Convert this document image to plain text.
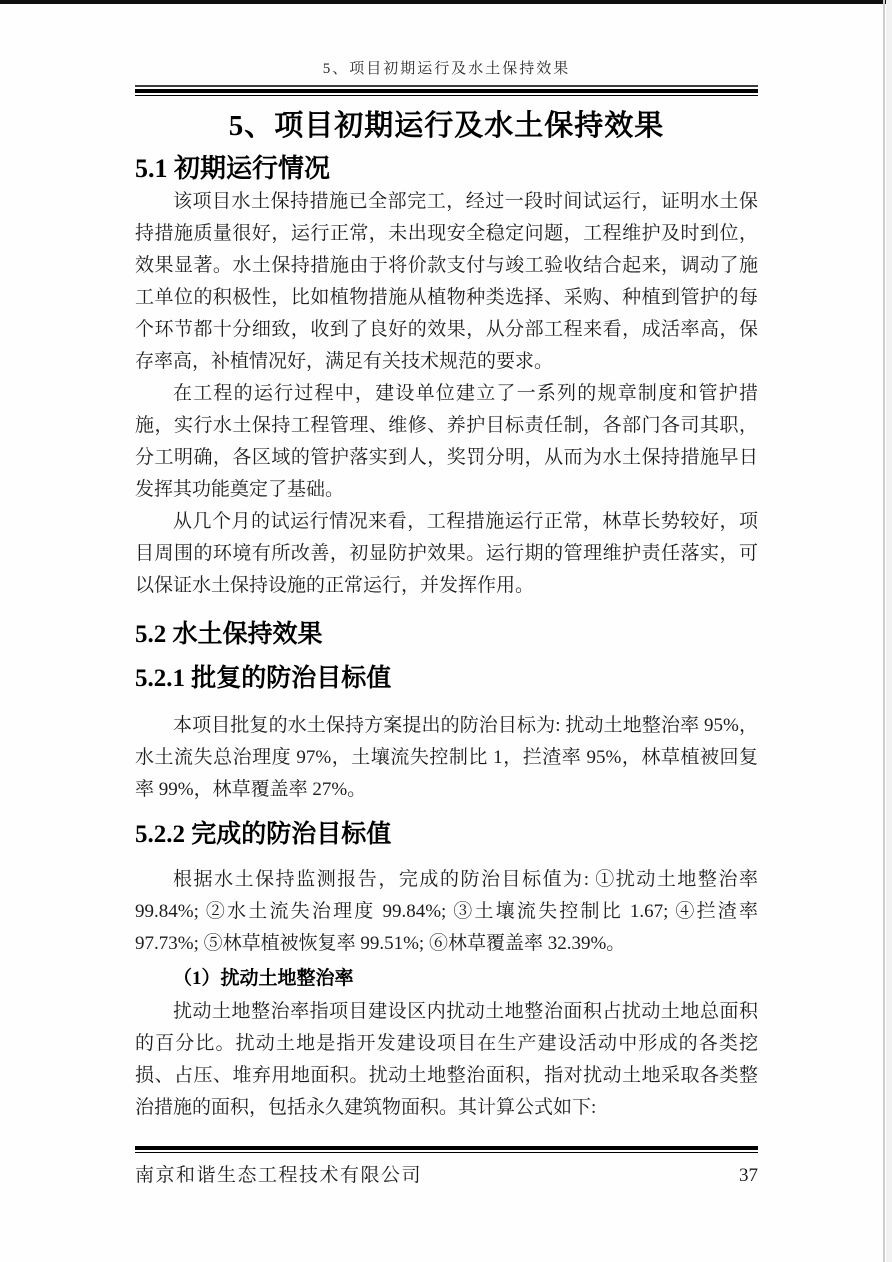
5、项目初期运行及水土保持效果
5、项目初期运行及水土保持效果
5.1 初期运行情况

该项目水土保持措施已全部完工，经过一段时间试运行，证明水土保持措施质量很好，运行正常，未出现安全稳定问题，工程维护及时到位，效果显著。水土保持措施由于将价款支付与竣工验收结合起来，调动了施工单位的积极性，比如植物措施从植物种类选择、采购、种植到管护的每个环节都十分细致，收到了良好的效果，从分部工程来看，成活率高，保存率高，补植情况好，满足有关技术规范的要求。

在工程的运行过程中，建设单位建立了一系列的规章制度和管护措施，实行水土保持工程管理、维修、养护目标责任制，各部门各司其职，分工明确，各区域的管护落实到人，奖罚分明，从而为水土保持措施早日发挥其功能奠定了基础。

从几个月的试运行情况来看，工程措施运行正常，林草长势较好，项目周围的环境有所改善，初显防护效果。运行期的管理维护责任落实，可以保证水土保持设施的正常运行，并发挥作用。

5.2 水土保持效果
5.2.1 批复的防治目标值

本项目批复的水土保持方案提出的防治目标为: 扰动土地整治率 95%，水土流失总治理度 97%，土壤流失控制比 1，拦渣率 95%，林草植被回复率 99%，林草覆盖率 27%。

5.2.2 完成的防治目标值

根据水土保持监测报告，完成的防治目标值为: ①扰动土地整治率 99.84%; ②水土流失治理度 99.84%; ③土壤流失控制比 1.67; ④拦渣率 97.73%; ⑤林草植被恢复率 99.51%; ⑥林草覆盖率 32.39%。

（1）扰动土地整治率

扰动土地整治率指项目建设区内扰动土地整治面积占扰动土地总面积的百分比。扰动土地是指开发建设项目在生产建设活动中形成的各类挖损、占压、堆弃用地面积。扰动土地整治面积，指对扰动土地采取各类整治措施的面积，包括永久建筑物面积。其计算公式如下:

南京和谐生态工程技术有限公司	37
